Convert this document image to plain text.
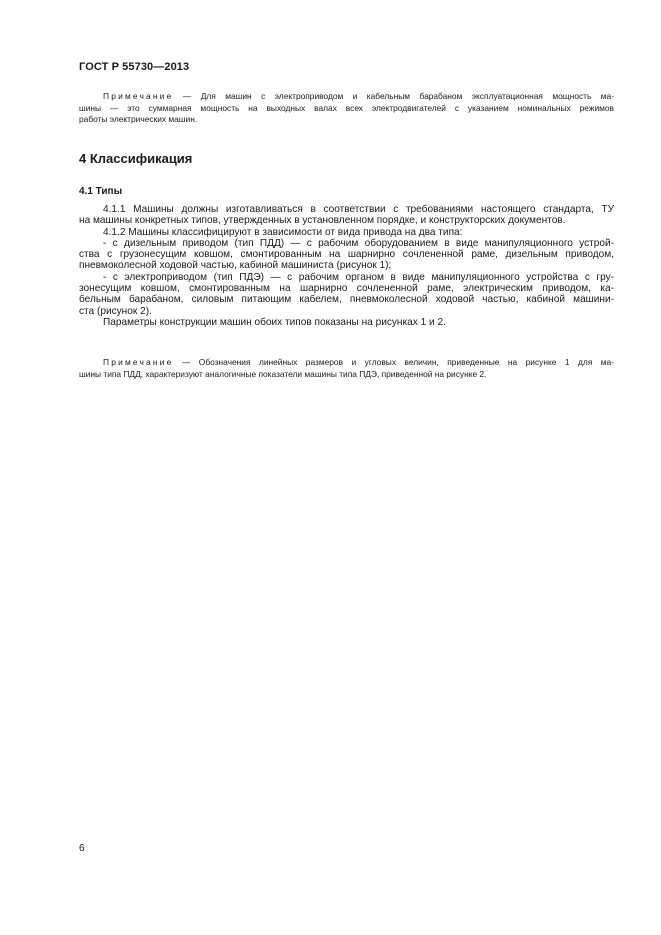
ГОСТ Р 55730—2013
Примечание — Для машин с электроприводом и кабельным барабаном эксплуатационная мощность ма-
шины — это суммарная мощность на выходных валах всех электродвигателей с указанием номинальных режимов
работы электрических машин.
4 Классификация
4.1 Типы
4.1.1 Машины должны изготавливаться в соответствии с требованиями настоящего стандарта, ТУ
на машины конкретных типов, утвержденных в установленном порядке, и конструкторских документов.
4.1.2 Машины классифицируют в зависимости от вида привода на два типа:
- с дизельным приводом (тип ПДД) — с рабочим оборудованием в виде манипуляционного устрой-
ства с грузонесущим ковшом, смонтированным на шарнирно сочлененной раме, дизельным приводом,
пневмоколесной ходовой частью, кабиной машиниста (рисунок 1);
- с электроприводом (тип ПДЭ) — с рабочим органом в виде манипуляционного устройства с гру-
зонесущим ковшом, смонтированным на шарнирно сочлененной раме, электрическим приводом, ка-
бельным барабаном, силовым питающим кабелем, пневмоколесной ходовой частью, кабиной машини-
ста (рисунок 2).
Параметры конструкции машин обоих типов показаны на рисунках 1 и 2.
Примечание — Обозначения линейных размеров и угловых величин, приведенные на рисунке 1 для ма-
шины типа ПДД, характеризуют аналогичные показатели машины типа ПДЭ, приведенной на рисунке 2.
6
